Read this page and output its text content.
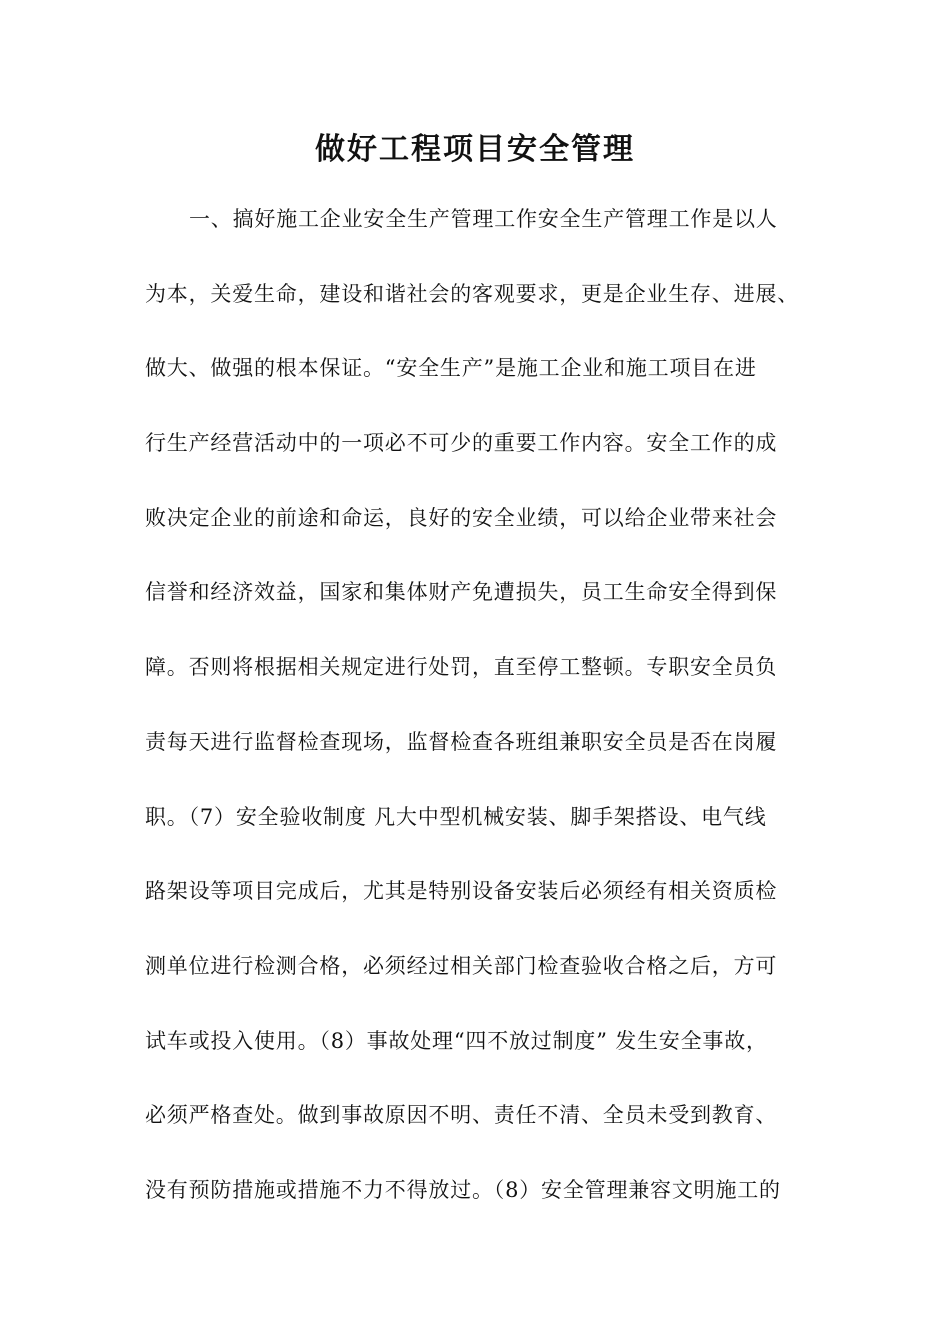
做好工程项目安全管理
一、搞好施工企业安全生产管理工作安全生产管理工作是以人
为本，关爱生命，建设和谐社会的客观要求，更是企业生存、进展、
做大、做强的根本保证。“安全生产”是施工企业和施工项目在进
行生产经营活动中的一项必不可少的重要工作内容。安全工作的成
败决定企业的前途和命运，良好的安全业绩，可以给企业带来社会
信誉和经济效益，国家和集体财产免遭损失，员工生命安全得到保
障。否则将根据相关规定进行处罚，直至停工整顿。专职安全员负
责每天进行监督检查现场，监督检查各班组兼职安全员是否在岗履
职。（7）安全验收制度 凡大中型机械安装、脚手架搭设、电气线
路架设等项目完成后，尤其是特别设备安装后必须经有相关资质检
测单位进行检测合格，必须经过相关部门检查验收合格之后，方可
试车或投入使用。（8）事故处理“四不放过制度” 发生安全事故，
必须严格查处。做到事故原因不明、责任不清、全员未受到教育、
没有预防措施或措施不力不得放过。（8）安全管理兼容文明施工的
